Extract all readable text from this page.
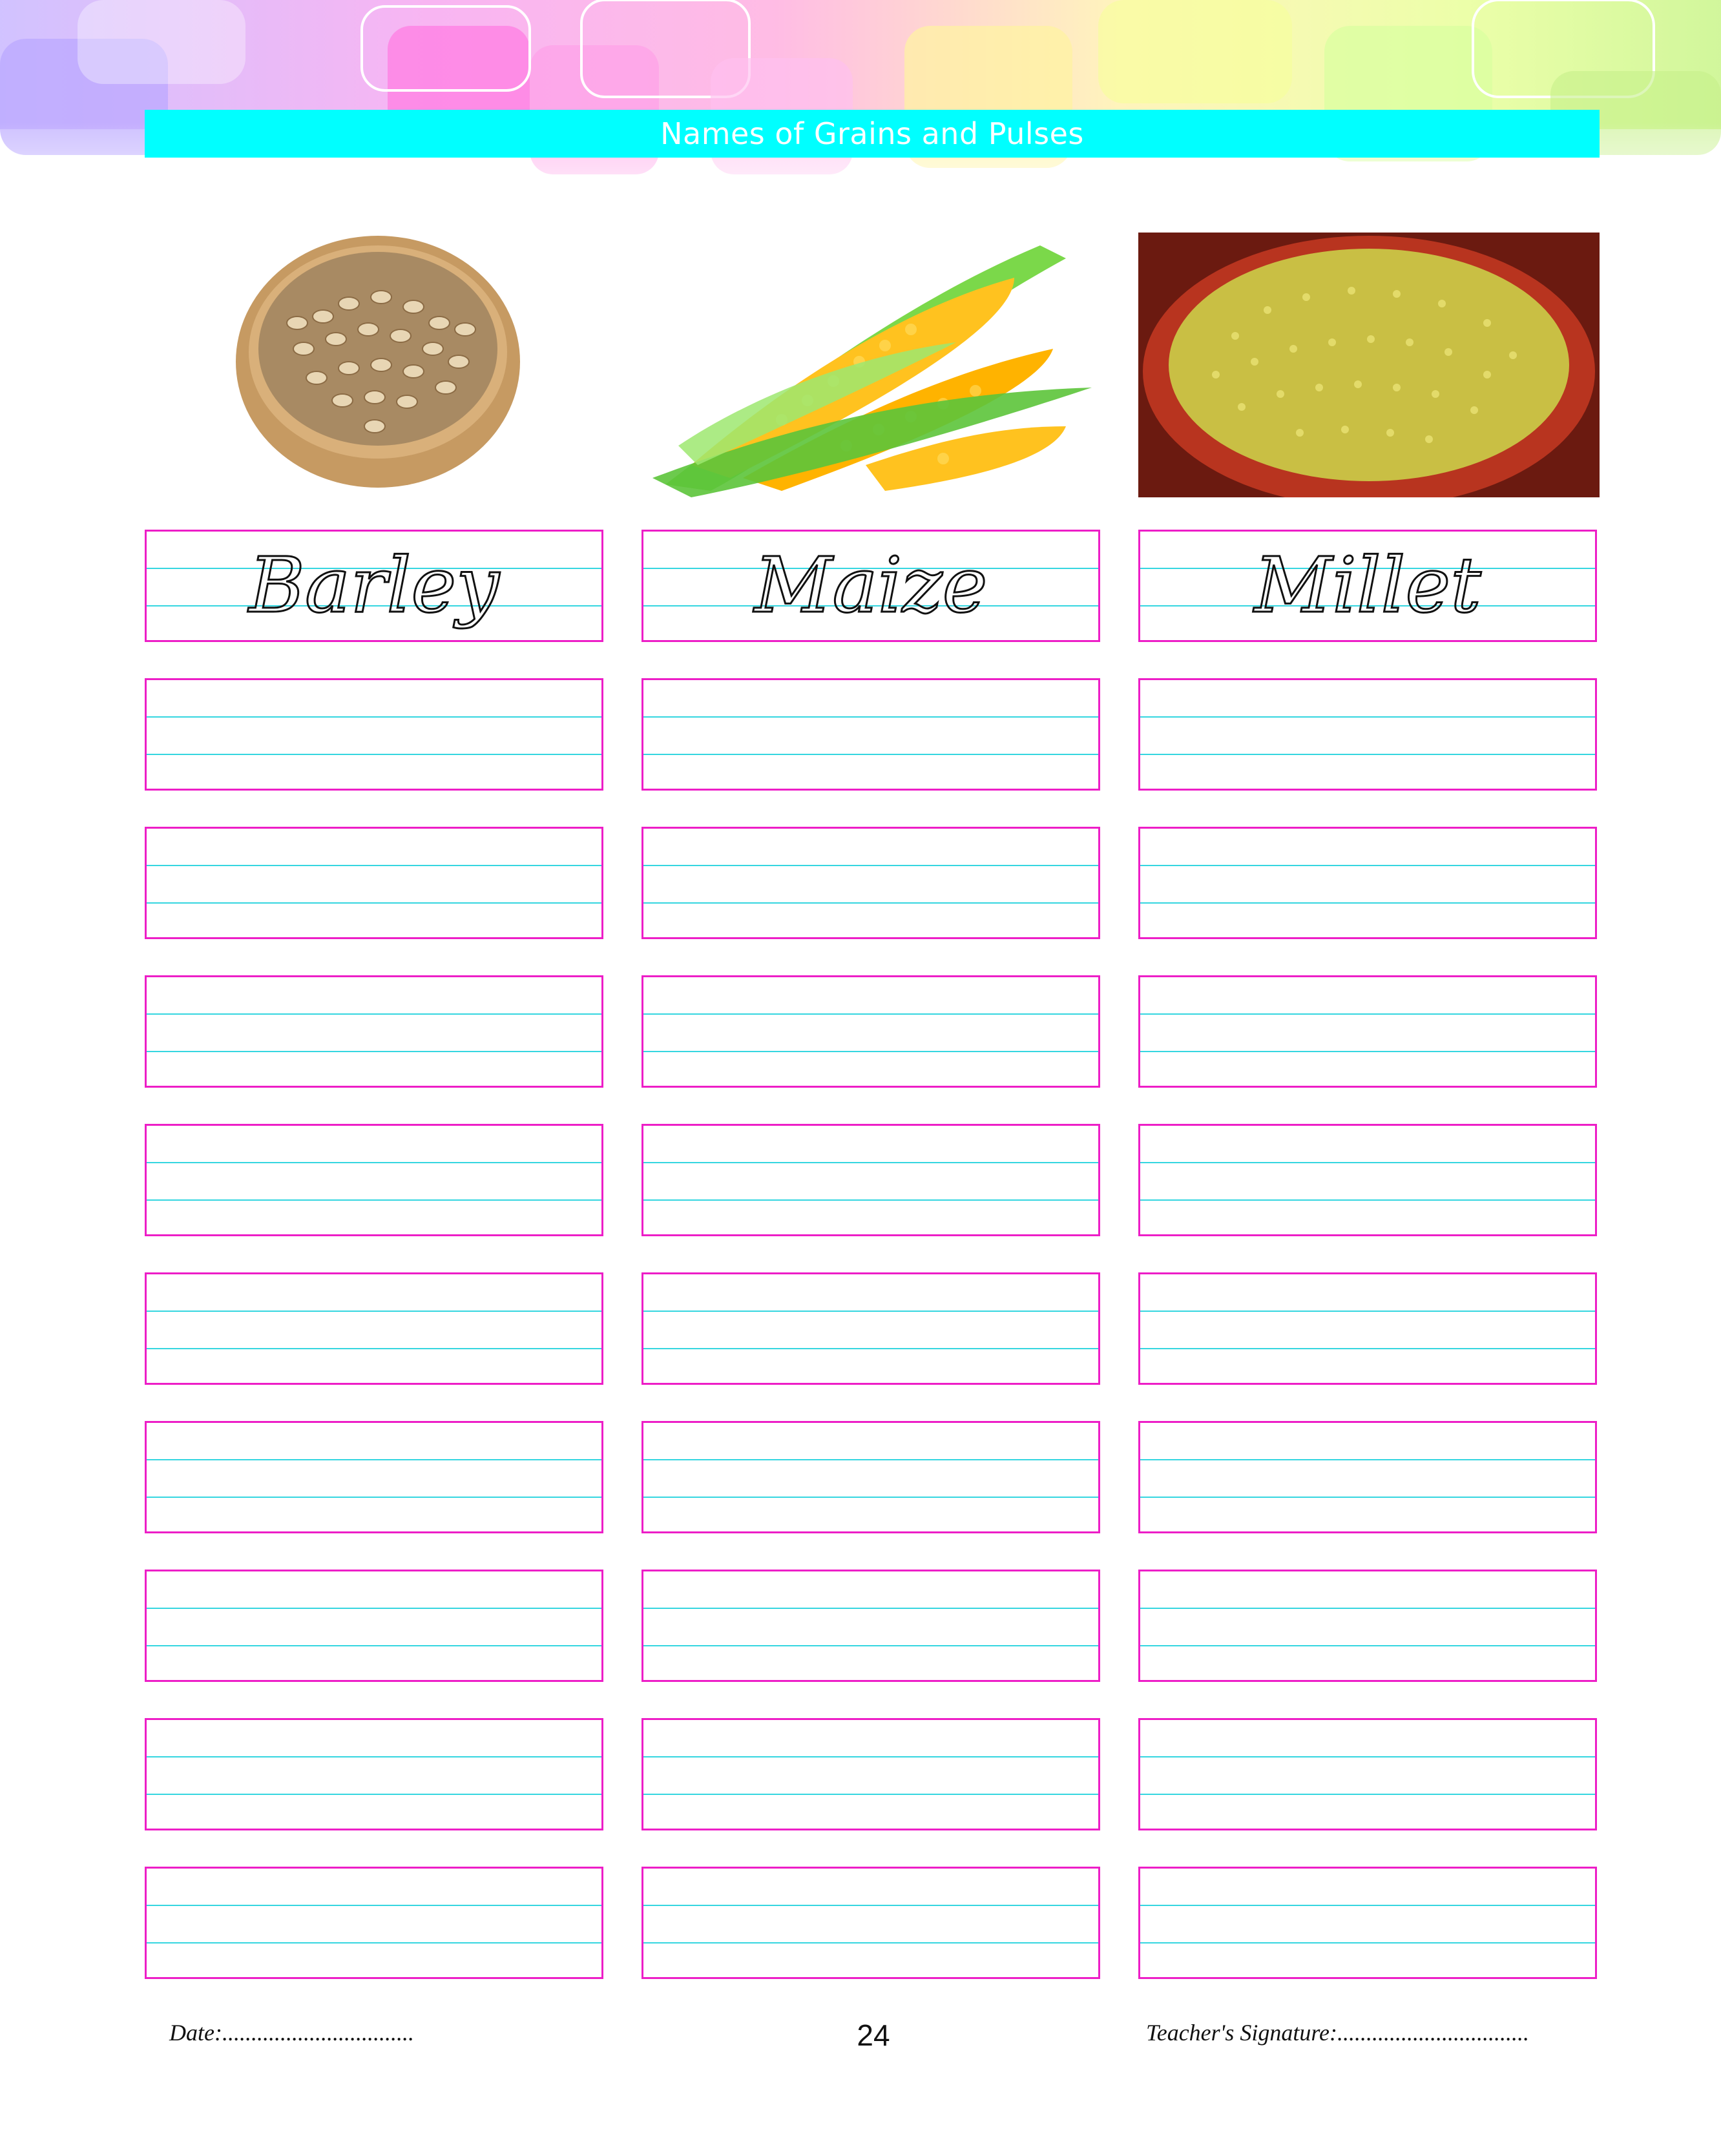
Names of Grains and Pulses
Barley	Maize	Millet
Date:.................................	24	Teacher's Signature:.................................
